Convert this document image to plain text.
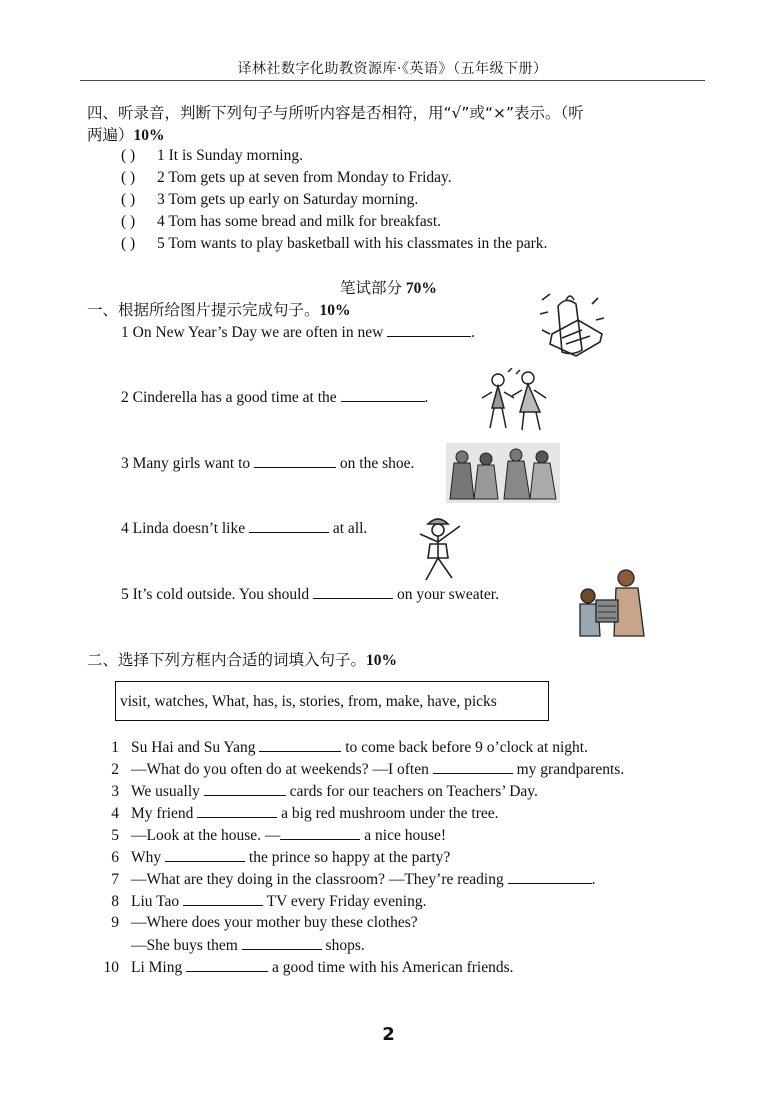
译林社数字化助教资源库·《英语》（五年级下册）
四、听录音，判断下列句子与所听内容是否相符，用“√”或“×”表示。（听
两遍）10%
( ) 1 It is Sunday morning.
( ) 2 Tom gets up at seven from Monday to Friday.
( ) 3 Tom gets up early on Saturday morning.
( ) 4 Tom has some bread and milk for breakfast.
( ) 5 Tom wants to play basketball with his classmates in the park.
笔试部分 70%
一、根据所给图片提示完成句子。10%
1 On New Year’s Day we are often in new	.
2 Cinderella has a good time at the	.
3 Many girls want to	on the shoe.
4 Linda doesn’t like	at all.
5 It’s cold outside. You should	on your sweater.
二、选择下列方框内合适的词填入句子。10%
visit, watches, What, has, is, stories, from, make, have, picks
1 Su Hai and Su Yang	to come back before 9 o’clock at night.
2 —What do you often do at weekends? —I often	my grandparents.
3 We usually	cards for our teachers on Teachers’ Day.
4 My friend	a big red mushroom under the tree.
5 —Look at the house. —	a nice house!
6 Why	the prince so happy at the party?
7 —What are they doing in the classroom? —They’re reading	.
8 Liu Tao	TV every Friday evening.
9 —Where does your mother buy these clothes?
—She buys them	shops.
10 Li Ming	a good time with his American friends.
2
